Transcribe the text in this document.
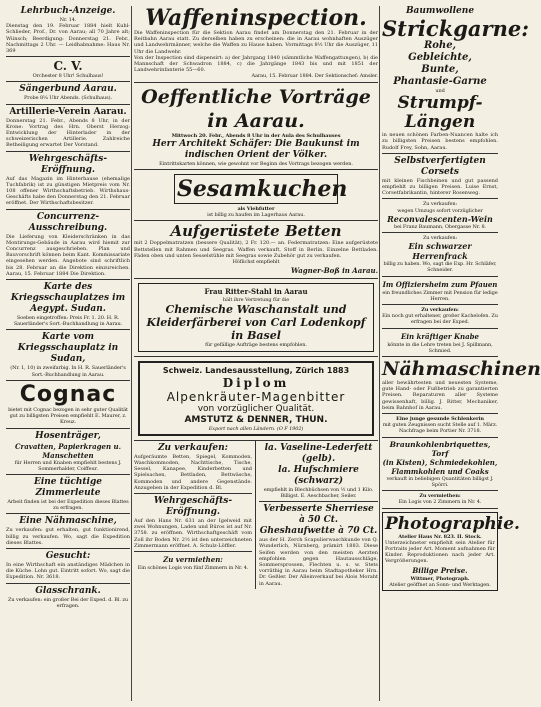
Lehrbuch-Anzeige.
Nr. 14.
Dienstag den 19. Februar 1884 hielt Kuhl-Schlieder, Prof., Dr. von Aarau; all 70 Jahre alt; Wiinsch; Beerdigung: Donnerstag 21. Febr., Nachmittags 2 Uhr. — Leidhabnahme: Haus Nr. 369
C. V.
Orchester 8 Uhr! Schulhaus!
Sängerbund Aarau.
Probe 8¼ Uhr Abends. (Schulhaus).
Artillerie-Verein Aarau.
Donnerstag 21. Febr., Abends 8 Uhr, in der Krone: Vortrag des Hrn. Oberst Herzog: Entwicklung der Hinterlader in der schweizerischen Artillerie. Zahlreiche Betheiligung erwartet Der Vorstand.
Wehrgeschäfts-Eröffnung.
Auf das Magazin im Hinterhause (ehemalige Tuchfabrik) ist zu günstigen Mietpreis vom Nr. 108 offener Wirthschaftsbetrieb. Wirthshaus-Geschäfts habe den Donnerstag den 21. Februar eröffnet. Der Wirthschaftsbesitzer.
Concurrenz-Ausschreibung.
Die Lieferung von Kleiderschränken in das Montirungs-Gebäude in Aarau wird hiemit zur Concurrenz ausgeschrieben. Plan und Bauvorschrift können beim Kant. Kommissariate eingesehen werden. Angebote sind schriftlich bis 28. Februar an die Direktion einzureichen. Aarau, 15. Februar 1884 Die Direktion.
Karte des Kriegsschauplatzes im Aegypt. Sudan.
Soeben eingetroffen: Preis Fr. 1. 20. H. R. Sauerländer's Sort.-Buchhandlung in Aarau.
Karte vom Kriegsschauplatz in Sudan,
(Nr. 1, 10) in zweifarbig. In H. R. Sauerländer's Sort.-Buchhandlung in Aarau.
Cognac
bietet mit Cognac bezogen in sehr guter Qualität gut zu billigsten Preisen empfiehlt E. Maurer, z. Kreuz.
Hosenträger,
Cravatten, Papierkragen u. Manschetten
für Herren und Knaben empfiehlt bestens J. Sommerhalder, Coiffeur.
Eine tüchtige Zimmerleute
Arbeit finden ist bei der Expedition dieses Blattes zu erfragen.
Eine Nähmaschine,
Zu verkaufen: gut erhalten, gut funktionirend, billig zu verkaufen. Wo, sagt die Expedition dieses Blattes.
Gesucht:
In eine Wirthschaft ein anständiges Mädchen in die Küche. Lohn gut. Eintritt sofort. Wo, sagt die Expedition. Nr. 3618.
Glasschrank.
Zu verkaufen: ein großer Bei der Exped. d. Bl. zu erfragen.
Waffeninspection.
Die Waffeninspection für die Sektion Aarau findet am Donnerstag den 21. Februar in der Reitbahn Aarau statt. Zu derselben haben zu erscheinen: die in Aarau wohnhaften Auszüger und Landwehrmänner, welche die Waffen zu Hause haben. Vormittags 8½ Uhr die Auszüger, 11 Uhr die Landwehr.
Von der Inspection sind dispensirt: a) der Jahrgang 1840 (sämmtliche Waffengattungen), b) die Mannschaft der Schwadron 1884, c) die Jahrgänge 1843 bis und mit 1851 der Landwehrinfanterie 55—60.
Aarau, 15. Februar 1884. Der Sektionschef: Amsler.
Oeffentliche Vorträge in Aarau.
Mittwoch 20. Febr., Abends 8 Uhr in der Aula des Schulhauses
Herr Architekt Schäfer: Die Baukunst im indischen Orient der Völker.
Eintrittskarten können, wie gewohnt vor Beginn des Vortrags bezogen werden.
Sesamkuchen
als Viehfutter
ist billig zu haufen im Lagerhaus Aarau.
Aufgerüstete Betten
mit 2 Doppelmatratzen (bessere Qualität), 2 Fr. 120.— an. Federmatratzen: Eine aufgerüstete Bettstellen mit Rahmen und Seegras. Waffen verkauft, Stoff in Berlin. Einzelne Bettladen. Fäden oben und unten Sesselstühle mit Seegras sowie Zubehör gut zu verkaufen.
Höflichst empfiehlt
Wagner-Boß in Aarau.
Frau Ritter-Stahl in Aarau
hält ihre Vertretung für die
Chemische Waschanstalt und Kleiderfärberei von Carl Lodenkopf in Basel
für gefällige Aufträge bestens empfohlen.
Schweiz. Landesausstellung, Zürich 1883
Diplom
Alpenkräuter-Magenbitter
von vorzüglicher Qualität.
AMSTUTZ & DENNER, THUN.
Export nach allen Ländern. (O F 1902)
Zu verkaufen:
Aufgeräumte Betten, Spiegel, Kommoden, Waschkommoden, Nachttische, Tische, Sessel, Kanapee, Kinderbetten und Spielsachen, Bettladen, Bettwäsche, Kommoden und andere Gegenstände. Anzugeben in der Expedition d. Bl.
Wehrgeschäfts-Eröffnung.
Auf den Hans Nr. 631 an der Igelweid mit zwei Wohnungen, Laden und Büros ist auf Nr. 3758. zu eröffnen. Wirthschaftgeschäft vom Zoll ihr Boden Nr. 2½ ist den unterzeichneten Zimmermann eröffnet. A. Schulz-Löffler.
Zu vermiethen:
Ein schönes Logis von fünf Zimmern in Nr. 4.
la. Vaseline-Lederfett (gelb).
la. Hufschmiere (schwarz)
empfiehlt in Blechbüchsen von ½ und 1 Kilo. Billigst. E. Aeschbacher, Seiler.
Verbesserte Sherriese à 50 Ct.
Gheshaufwette à 70 Ct.
aus der H. Zerch Scapulierwaschkunde von Q. Wunderlich, Nürnberg, prämirt 1883. Diese Seifen werden von den meisten Aerzten empfohlen gegen Hautausschläge, Sommersprossen, Flechten u. s. w. Stets vorräthig in Aarau beim Stadtapotheker Hrn. Dr. Geßler. Der Alleinverkauf bei Alois Moraht in Aarau.
Baumwollene
Strickgarne:
Rohe,
Gebleichte,
Bunte,
Phantasie-Garne
und
Strumpf-Längen
in neuen schönen Farben-Nuancen halte ich zu billigsten Preisen bestens empfohlen. Rudolf Frey, Sohn, Aarau.
Selbstverfertigten Corsets
mit kleinen Fischbeinen und gut passend empfiehlt zu billigen Preisen. Luise Ernst, Corsetfabrikantin, hinterer Rosenweg.
Zu verkaufen:
wegen Umzugs sofort vorzüglicher
Reconvalescenten-Wein
bei Franz Baumann, Obergasse Nr. 8.
Zu verkaufen:
Ein schwarzer Herrenfrack
billig zu haben. Wo, sagt die Exp. Hr. Schläfer, Schneider.
Im Offiziersheim zum Pfauen
ein freundliches Zimmer mit Pension für ledige Herren.
Zu verkaufen:
Ein noch gut erhaltener, großer Kachelofen. Zu erfragen bei der Exped.
Ein kräftiger Knabe
könnte in die Lehre treten bei J. Spillmann, Schmied.
Nähmaschinen
aller bewährtesten und neuesten Systeme, gute Hand- oder Fußbetrieb zu garantierten Preisen. Reparaturen aller Systeme gewissenhaft, billig. J. Ritter, Mechaniker, beim Bahnhof in Aarau.
Eine junge gesunde Schlenkerin
mit guten Zeugnissen sucht Stelle auf 1. März. Nachfrage beim Portier Nr. 3718.
Braunkohlenbriquettes, Torf
(in Kisten), Schmiedekohlen, Flammkohlen und Coaks
verkauft in beliebigen Quantitäten billigst J. Spörri.
Zu vermiethen:
Ein Logis von 2 Zimmern in Nr. 4.
Photographie.
Atelier Haus Nr. 823. II. Stock.
Unterzeichneter empfiehlt sein Atelier für Portraits jeder Art. Moment aufnahmen für Kinder. Reproduktionen nach jeder Art. Vergrößerungen.
Billige Preise.
Wittmer, Photograph.
Atelier geöffnet an Sonn- und Werktagen.
